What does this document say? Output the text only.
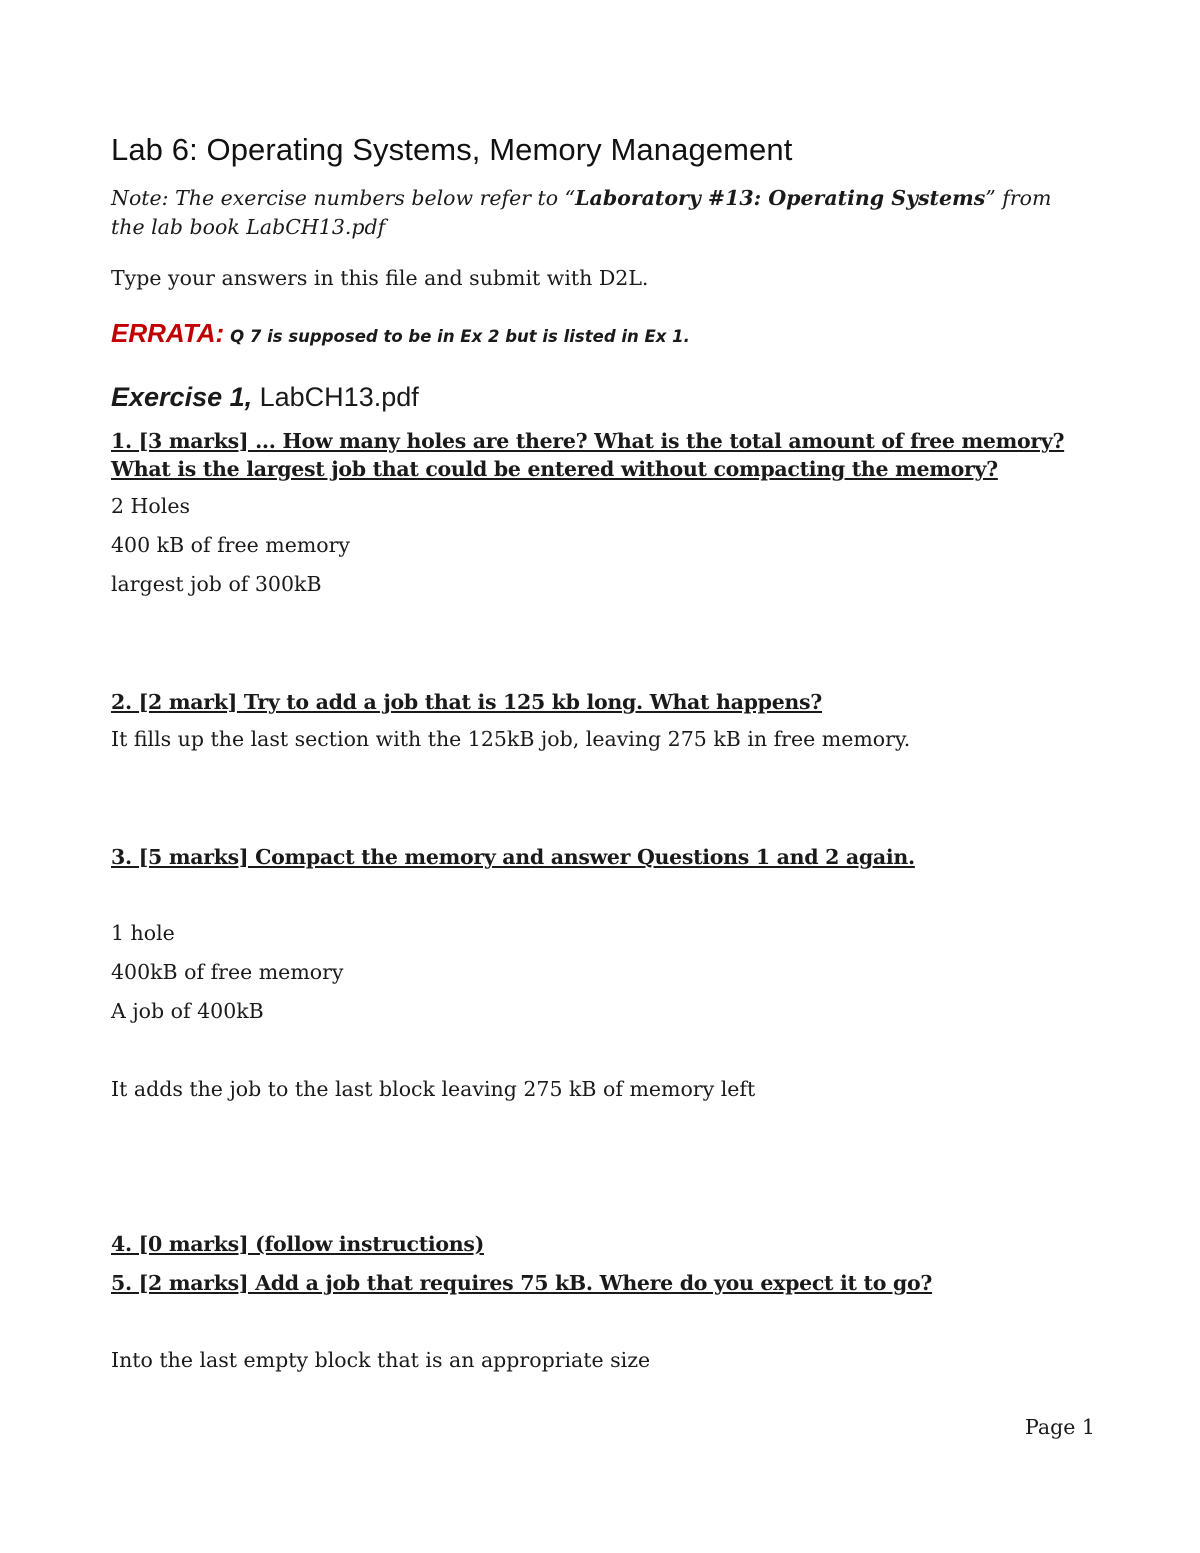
Lab 6: Operating Systems, Memory Management

Note: The exercise numbers below refer to “Laboratory #13: Operating Systems” from the lab book LabCH13.pdf

Type your answers in this file and submit with D2L.

ERRATA: Q 7 is supposed to be in Ex 2 but is listed in Ex 1.

Exercise 1, LabCH13.pdf

1. [3 marks] ... How many holes are there? What is the total amount of free memory? What is the largest job that could be entered without compacting the memory?

2 Holes

400 kB of free memory

largest job of 300kB

2. [2 mark] Try to add a job that is 125 kb long. What happens?

It fills up the last section with the 125kB job, leaving 275 kB in free memory.

3. [5 marks] Compact the memory and answer Questions 1 and 2 again.

1 hole

400kB of free memory

A job of 400kB

It adds the job to the last block leaving 275 kB of memory left

4. [0 marks] (follow instructions)

5. [2 marks] Add a job that requires 75 kB. Where do you expect it to go?

Into the last empty block that is an appropriate size

Page 1
